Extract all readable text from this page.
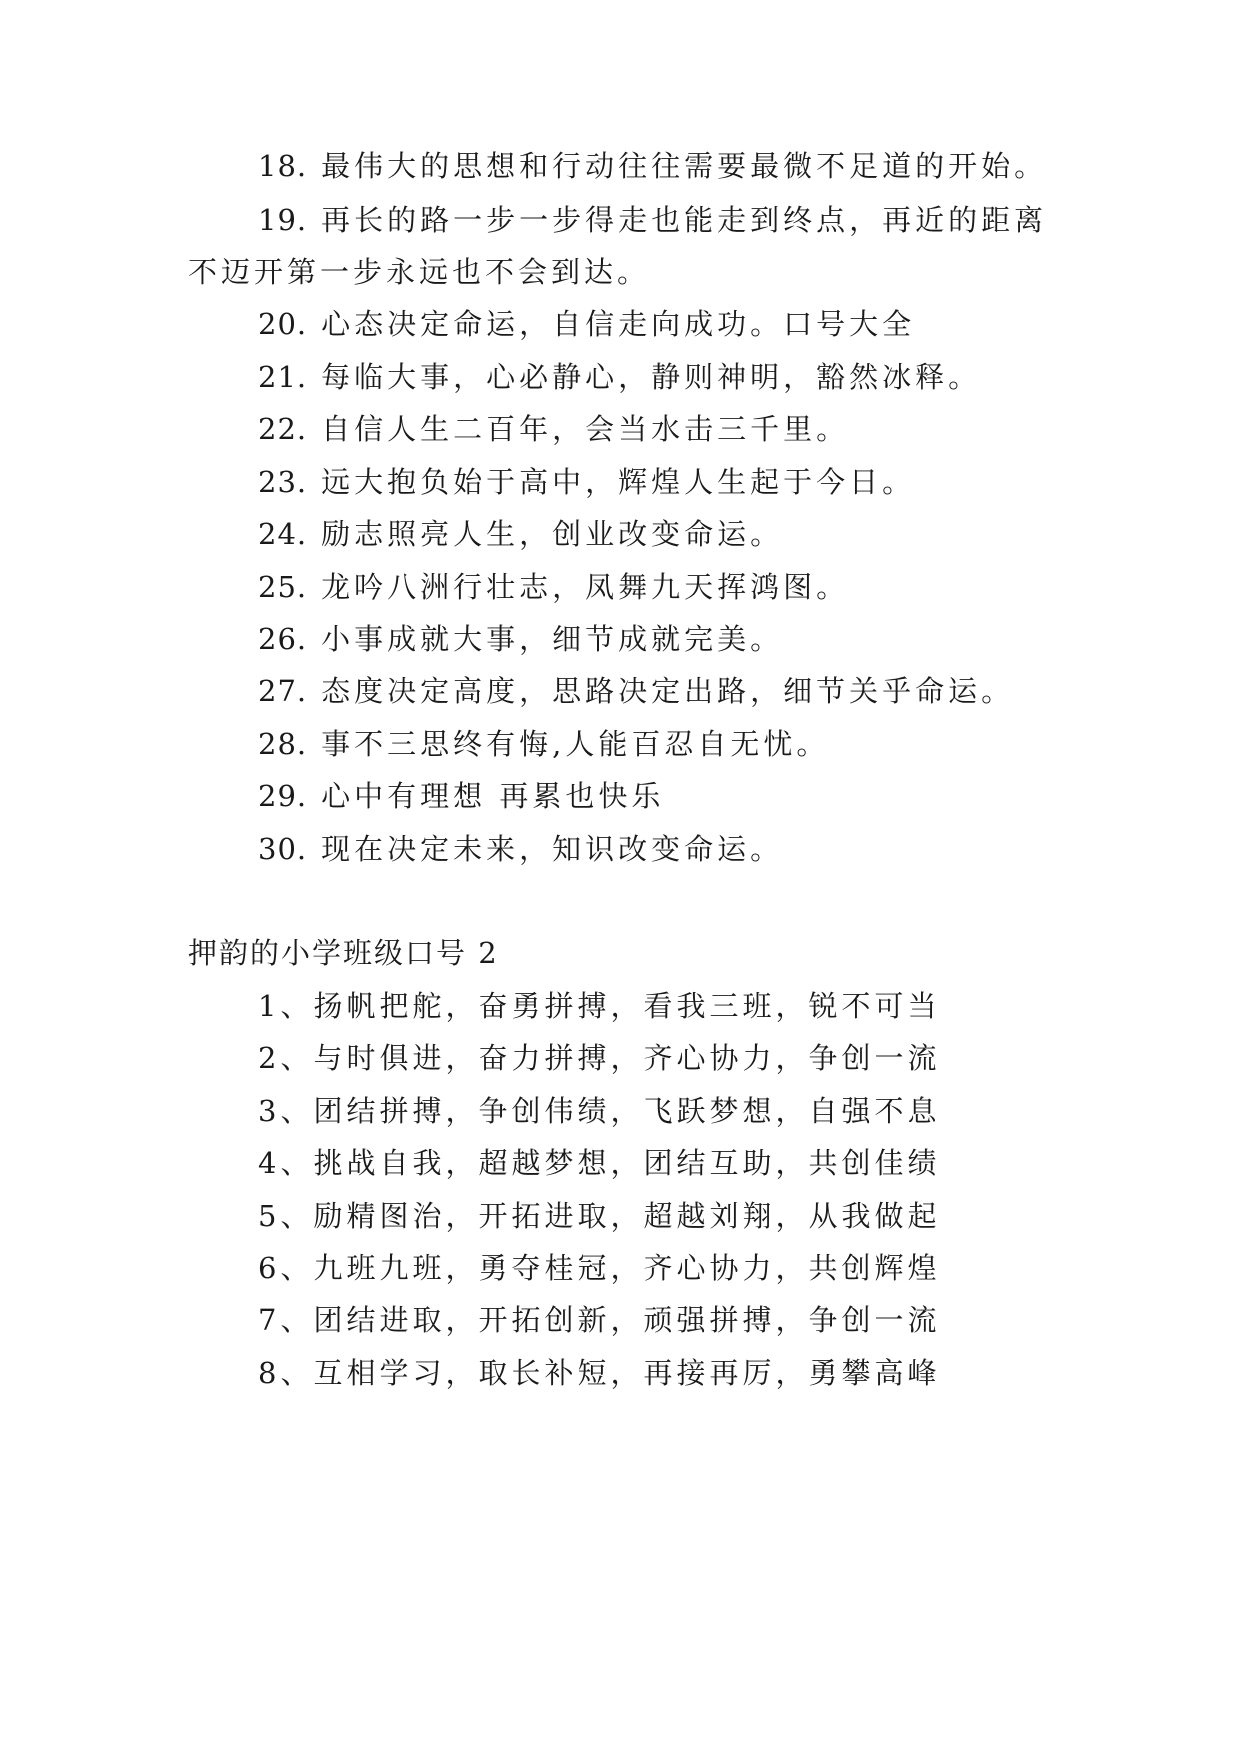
18. 最伟大的思想和行动往往需要最微不足道的开始。
19. 再长的路一步一步得走也能走到终点，再近的距离
不迈开第一步永远也不会到达。
20. 心态决定命运，自信走向成功。口号大全
21. 每临大事，心必静心，静则神明，豁然冰释。
22. 自信人生二百年，会当水击三千里。
23. 远大抱负始于高中，辉煌人生起于今日。
24. 励志照亮人生，创业改变命运。
25. 龙吟八洲行壮志，凤舞九天挥鸿图。
26. 小事成就大事，细节成就完美。
27. 态度决定高度，思路决定出路，细节关乎命运。
28. 事不三思终有悔,人能百忍自无忧。
29. 心中有理想 再累也快乐
30. 现在决定未来，知识改变命运。
押韵的小学班级口号 2
1、扬帆把舵，奋勇拼搏，看我三班，锐不可当
2、与时俱进，奋力拼搏，齐心协力，争创一流
3、团结拼搏，争创伟绩，飞跃梦想，自强不息
4、挑战自我，超越梦想，团结互助，共创佳绩
5、励精图治，开拓进取，超越刘翔，从我做起
6、九班九班，勇夺桂冠，齐心协力，共创辉煌
7、团结进取，开拓创新，顽强拼搏，争创一流
8、互相学习，取长补短，再接再厉，勇攀高峰
